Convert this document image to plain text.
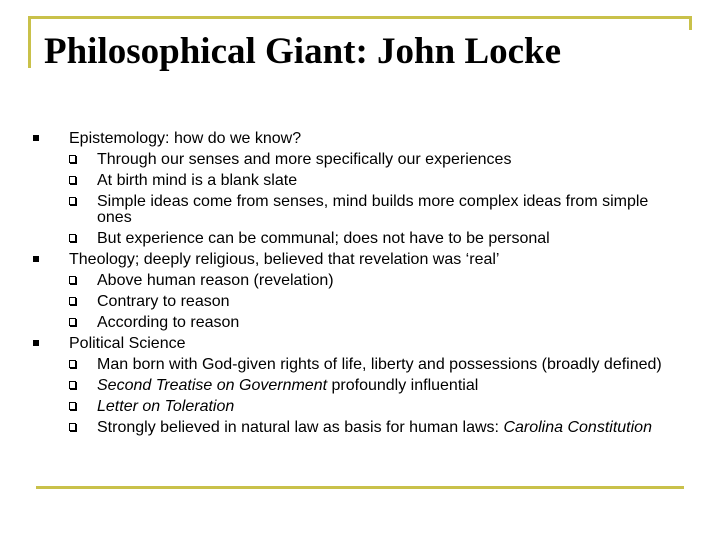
Philosophical Giant: John Locke
Epistemology: how do we know?
Through our senses and more specifically our experiences
At birth mind is a blank slate
Simple ideas come from senses, mind builds more complex ideas from simple ones
But experience can be communal; does not have to be personal
Theology; deeply religious, believed that revelation was ‘real’
Above human reason (revelation)
Contrary to reason
According to reason
Political Science
Man born with God-given rights of life, liberty and possessions (broadly defined)
Second Treatise on Government profoundly influential
Letter on Toleration
Strongly believed in natural law as basis for human laws: Carolina Constitution
